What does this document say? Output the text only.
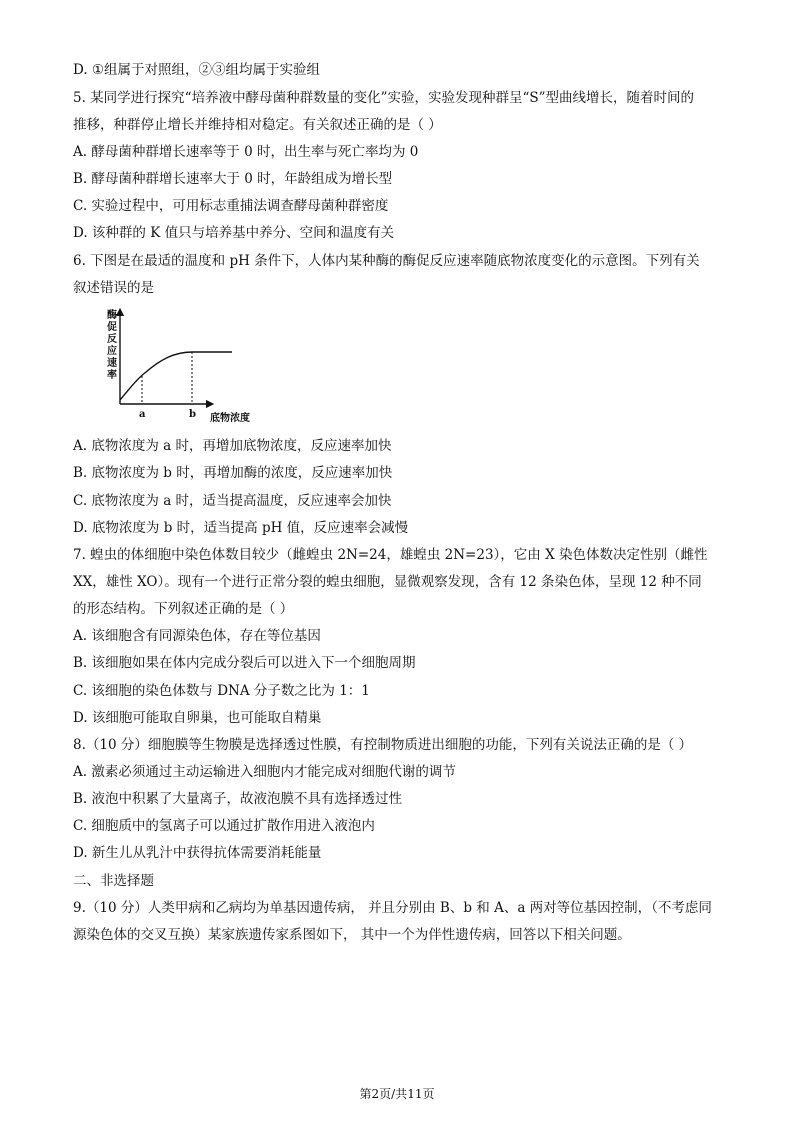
D. ①组属于对照组，②③组均属于实验组
5. 某同学进行探究“培养液中酵母菌种群数量的变化”实验，实验发现种群呈“S”型曲线增长，随着时间的
推移，种群停止增长并维持相对稳定。有关叙述正确的是（ ）
A. 酵母菌种群增长速率等于 0 时，出生率与死亡率均为 0
B. 酵母菌种群增长速率大于 0 时，年龄组成为增长型
C. 实验过程中，可用标志重捕法调查酵母菌种群密度
D. 该种群的 K 值只与培养基中养分、空间和温度有关
6. 下图是在最适的温度和 pH 条件下，人体内某种酶的酶促反应速率随底物浓度变化的示意图。下列有关
叙述错误的是
酶促反应速率
a	b 底物浓度
A. 底物浓度为 a 时，再增加底物浓度，反应速率加快
B. 底物浓度为 b 时，再增加酶的浓度，反应速率加快
C. 底物浓度为 a 时，适当提高温度，反应速率会加快
D. 底物浓度为 b 时，适当提高 pH 值，反应速率会减慢
7. 蝗虫的体细胞中染色体数目较少（雌蝗虫 2N=24，雄蝗虫 2N=23），它由 X 染色体数决定性别（雌性
XX，雄性 XO）。现有一个进行正常分裂的蝗虫细胞，显微观察发现，含有 12 条染色体，呈现 12 种不同
的形态结构。下列叙述正确的是（ ）
A. 该细胞含有同源染色体，存在等位基因
B. 该细胞如果在体内完成分裂后可以进入下一个细胞周期
C. 该细胞的染色体数与 DNA 分子数之比为 1：1
D. 该细胞可能取自卵巢，也可能取自精巢
8.（10 分）细胞膜等生物膜是选择透过性膜，有控制物质进出细胞的功能，下列有关说法正确的是（ ）
A. 激素必须通过主动运输进入细胞内才能完成对细胞代谢的调节
B. 液泡中积累了大量离子，故液泡膜不具有选择透过性
C. 细胞质中的氢离子可以通过扩散作用进入液泡内
D. 新生儿从乳汁中获得抗体需要消耗能量
二、非选择题
9.（10 分）人类甲病和乙病均为单基因遗传病， 并且分别由 B、b 和 A、a 两对等位基因控制，（不考虑同
源染色体的交叉互换）某家族遗传家系图如下， 其中一个为伴性遗传病，回答以下相关问题。
第2页/共11页
